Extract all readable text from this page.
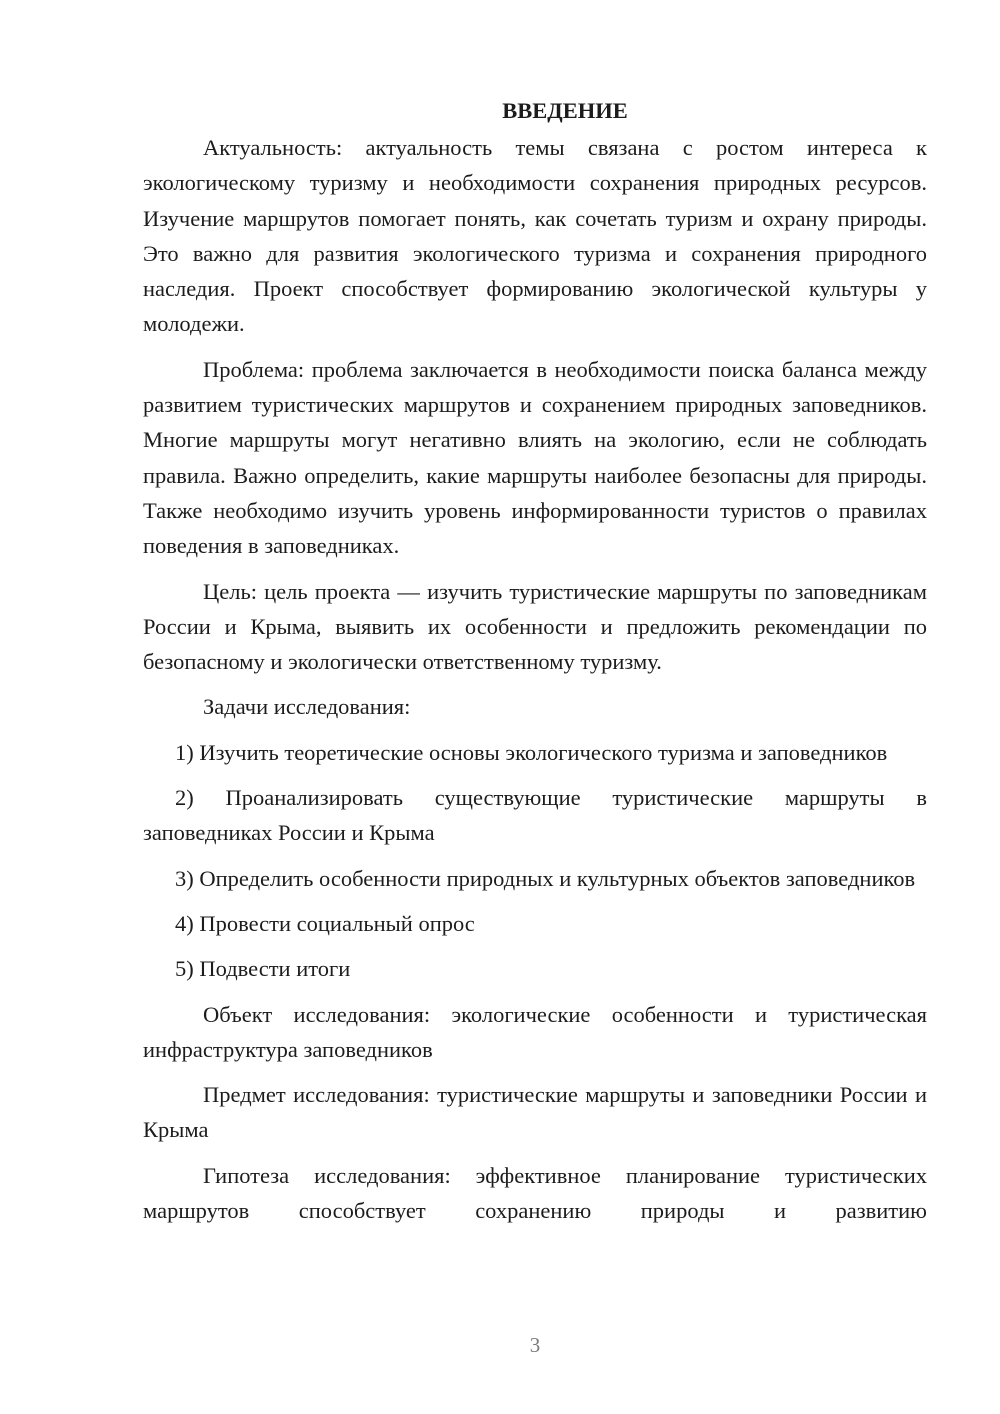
ВВЕДЕНИЕ

Актуальность: актуальность темы связана с ростом интереса к экологическому туризму и необходимости сохранения природных ресурсов. Изучение маршрутов помогает понять, как сочетать туризм и охрану природы. Это важно для развития экологического туризма и сохранения природного наследия. Проект способствует формированию экологической культуры у молодежи.

Проблема: проблема заключается в необходимости поиска баланса между развитием туристических маршрутов и сохранением природных заповедников. Многие маршруты могут негативно влиять на экологию, если не соблюдать правила. Важно определить, какие маршруты наиболее безопасны для природы. Также необходимо изучить уровень информированности туристов о правилах поведения в заповедниках.

Цель: цель проекта — изучить туристические маршруты по заповедникам России и Крыма, выявить их особенности и предложить рекомендации по безопасному и экологически ответственному туризму.

Задачи исследования:

1) Изучить теоретические основы экологического туризма и заповедников

2) Проанализировать существующие туристические маршруты в заповедниках России и Крыма

3) Определить особенности природных и культурных объектов заповедников

4) Провести социальный опрос

5) Подвести итоги

Объект исследования: экологические особенности и туристическая инфраструктура заповедников

Предмет исследования: туристические маршруты и заповедники России и Крыма

Гипотеза исследования: эффективное планирование туристических маршрутов способствует сохранению природы и развитию

3
